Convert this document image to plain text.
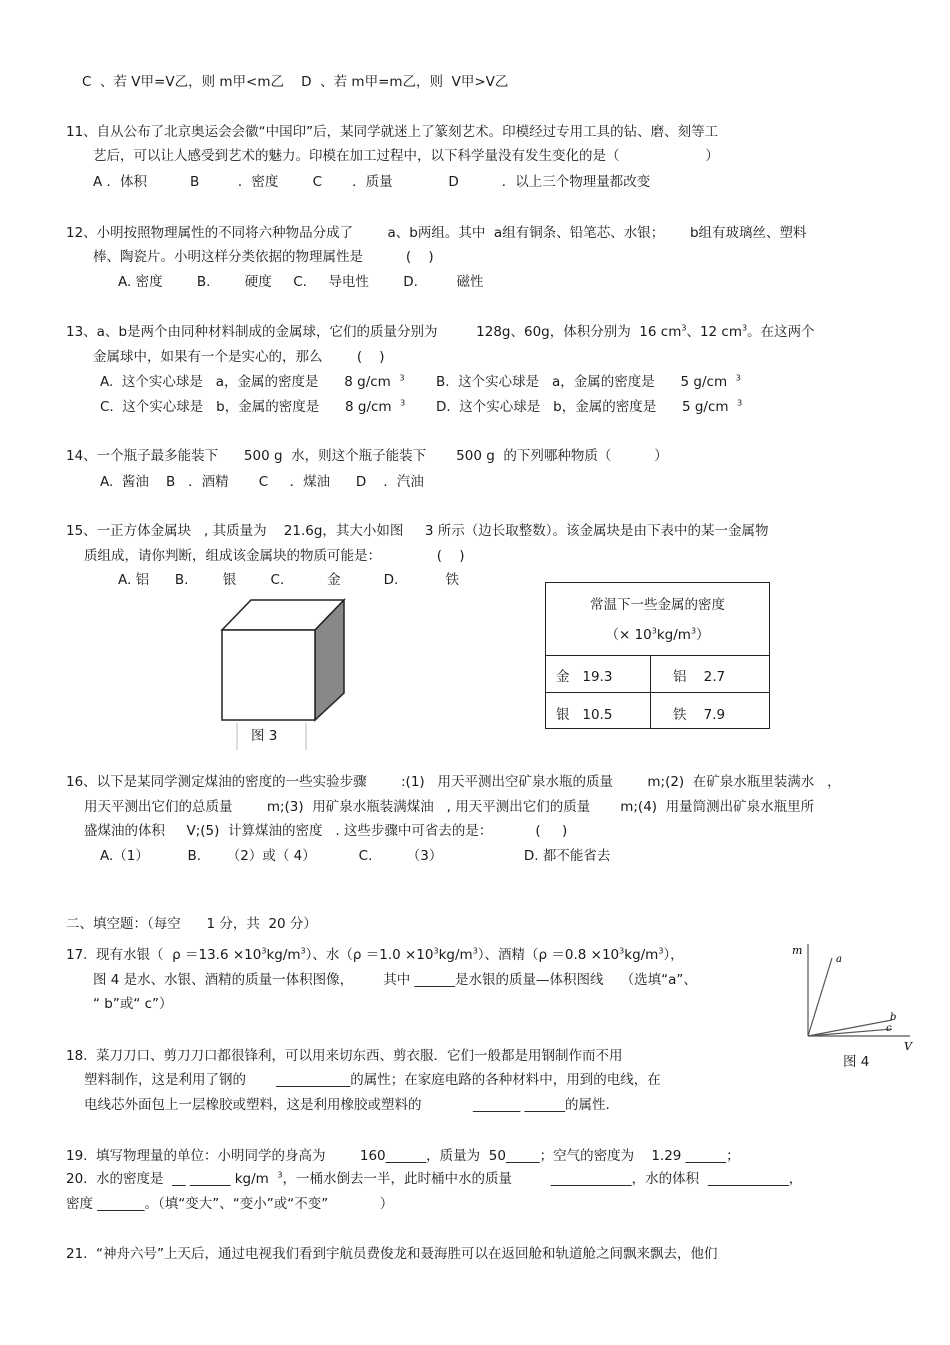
C  、若 V甲=V乙，则 m甲<m乙    D  、若 m甲=m乙，则  V甲>V乙
11、自从公布了北京奥运会会徽“中国印”后，某同学就迷上了篆刻艺术。印模经过专用工具的钻、磨、刻等工
艺后，可以让人感受到艺术的魅力。印模在加工过程中，以下科学量没有发生变化的是（                    ）
A ．体积          B         ．密度        C       ．质量             D          ．以上三个物理量都改变
12、小明按照物理属性的不同将六种物品分成了        a、b两组。其中  a组有铜条、铅笔芯、水银；      b组有玻璃丝、塑料
棒、陶瓷片。小明这样分类依据的物理属性是          (    )
A. 密度        B.        硬度     C.     导电性        D.         磁性
13、a、b是两个由同种材料制成的金属球，它们的质量分别为         128g、60g，体积分别为  16 $cm^3$、12 $cm^3$。在这两个
金属球中，如果有一个是实心的，那么        (    )
A.  这个实心球是   a，金属的密度是      8 g/cm $^3$ B.  这个实心球是   a，金属的密度是      5 g/cm $^3$
C.  这个实心球是   b，金属的密度是      8 g/cm $^3$ D.  这个实心球是   b，金属的密度是      5 g/cm $^3$
14、一个瓶子最多能装下      500 g  水，则这个瓶子能装下       500 g  的下列哪种物质（          ）
A.  酱油    B   ．酒精       C     ．煤油      D    ．汽油
15、一正方体金属块   , 其质量为    21.6g，其大小如图     3 所示（边长取整数）。该金属块是由下表中的某一金属物
质组成，请你判断，组成该金属块的物质可能是：             (    )
A. 铝      B.        银        C.          金          D.           铁
图 3
常温下一些金属的密度
（× $10^3kg/m^3$）
金   19.3	铝    2.7
银   10.5	铁    7.9
16、以下是某同学测定煤油的密度的一些实验步骤        :(1)   用天平测出空矿泉水瓶的质量        m;(2)  在矿泉水瓶里装满水   ，
用天平测出它们的总质量        m;(3)  用矿泉水瓶装满煤油   , 用天平测出它们的质量       m;(4)  用量筒测出矿泉水瓶里所
盛煤油的体积     V;(5)  计算煤油的密度   . 这些步骤中可省去的是：          (     )
A.（1）         B.      （2）或（ 4）          C.        （3）                   D. 都不能省去
二、填空题：（每空      1 分，共  20 分）
17.  现有水银（  $\rho =13.6 \times 10^3kg/m^3$）、水$(\rho =1.0 \times 10^3kg/m^3)$、酒精$(\rho =0.8 \times 10^3kg/m^3)$，
图 4 是水、水银、酒精的质量一体积图像，       其中 ______是水银的质量—体积图线    （选填“a”、
“ b”或“ c”）
m
V
a
b
c
图 4
18.  菜刀刀口、剪刀刀口都很锋利，可以用来切东西、剪衣服．它们一般都是用钢制作而不用
塑料制作，这是利用了钢的       ___________的属性；在家庭电路的各种材料中，用到的电线，在
电线芯外面包上一层橡胶或塑料，这是利用橡胶或塑料的            _______ ______的属性.
19.  填写物理量的单位：小明同学的身高为        160______，质量为  50_____；空气的密度为    1.29 ______；
20.  水的密度是  __ ______ kg/m $^3$，一桶水倒去一半，此时桶中水的质量         ____________，水的体积  ____________，
密度 _______。（填“变大”、“变小”或“不变”            ）
21.  “神舟六号”上天后，通过电视我们看到宇航员费俊龙和聂海胜可以在返回舱和轨道舱之间飘来飘去，他们
